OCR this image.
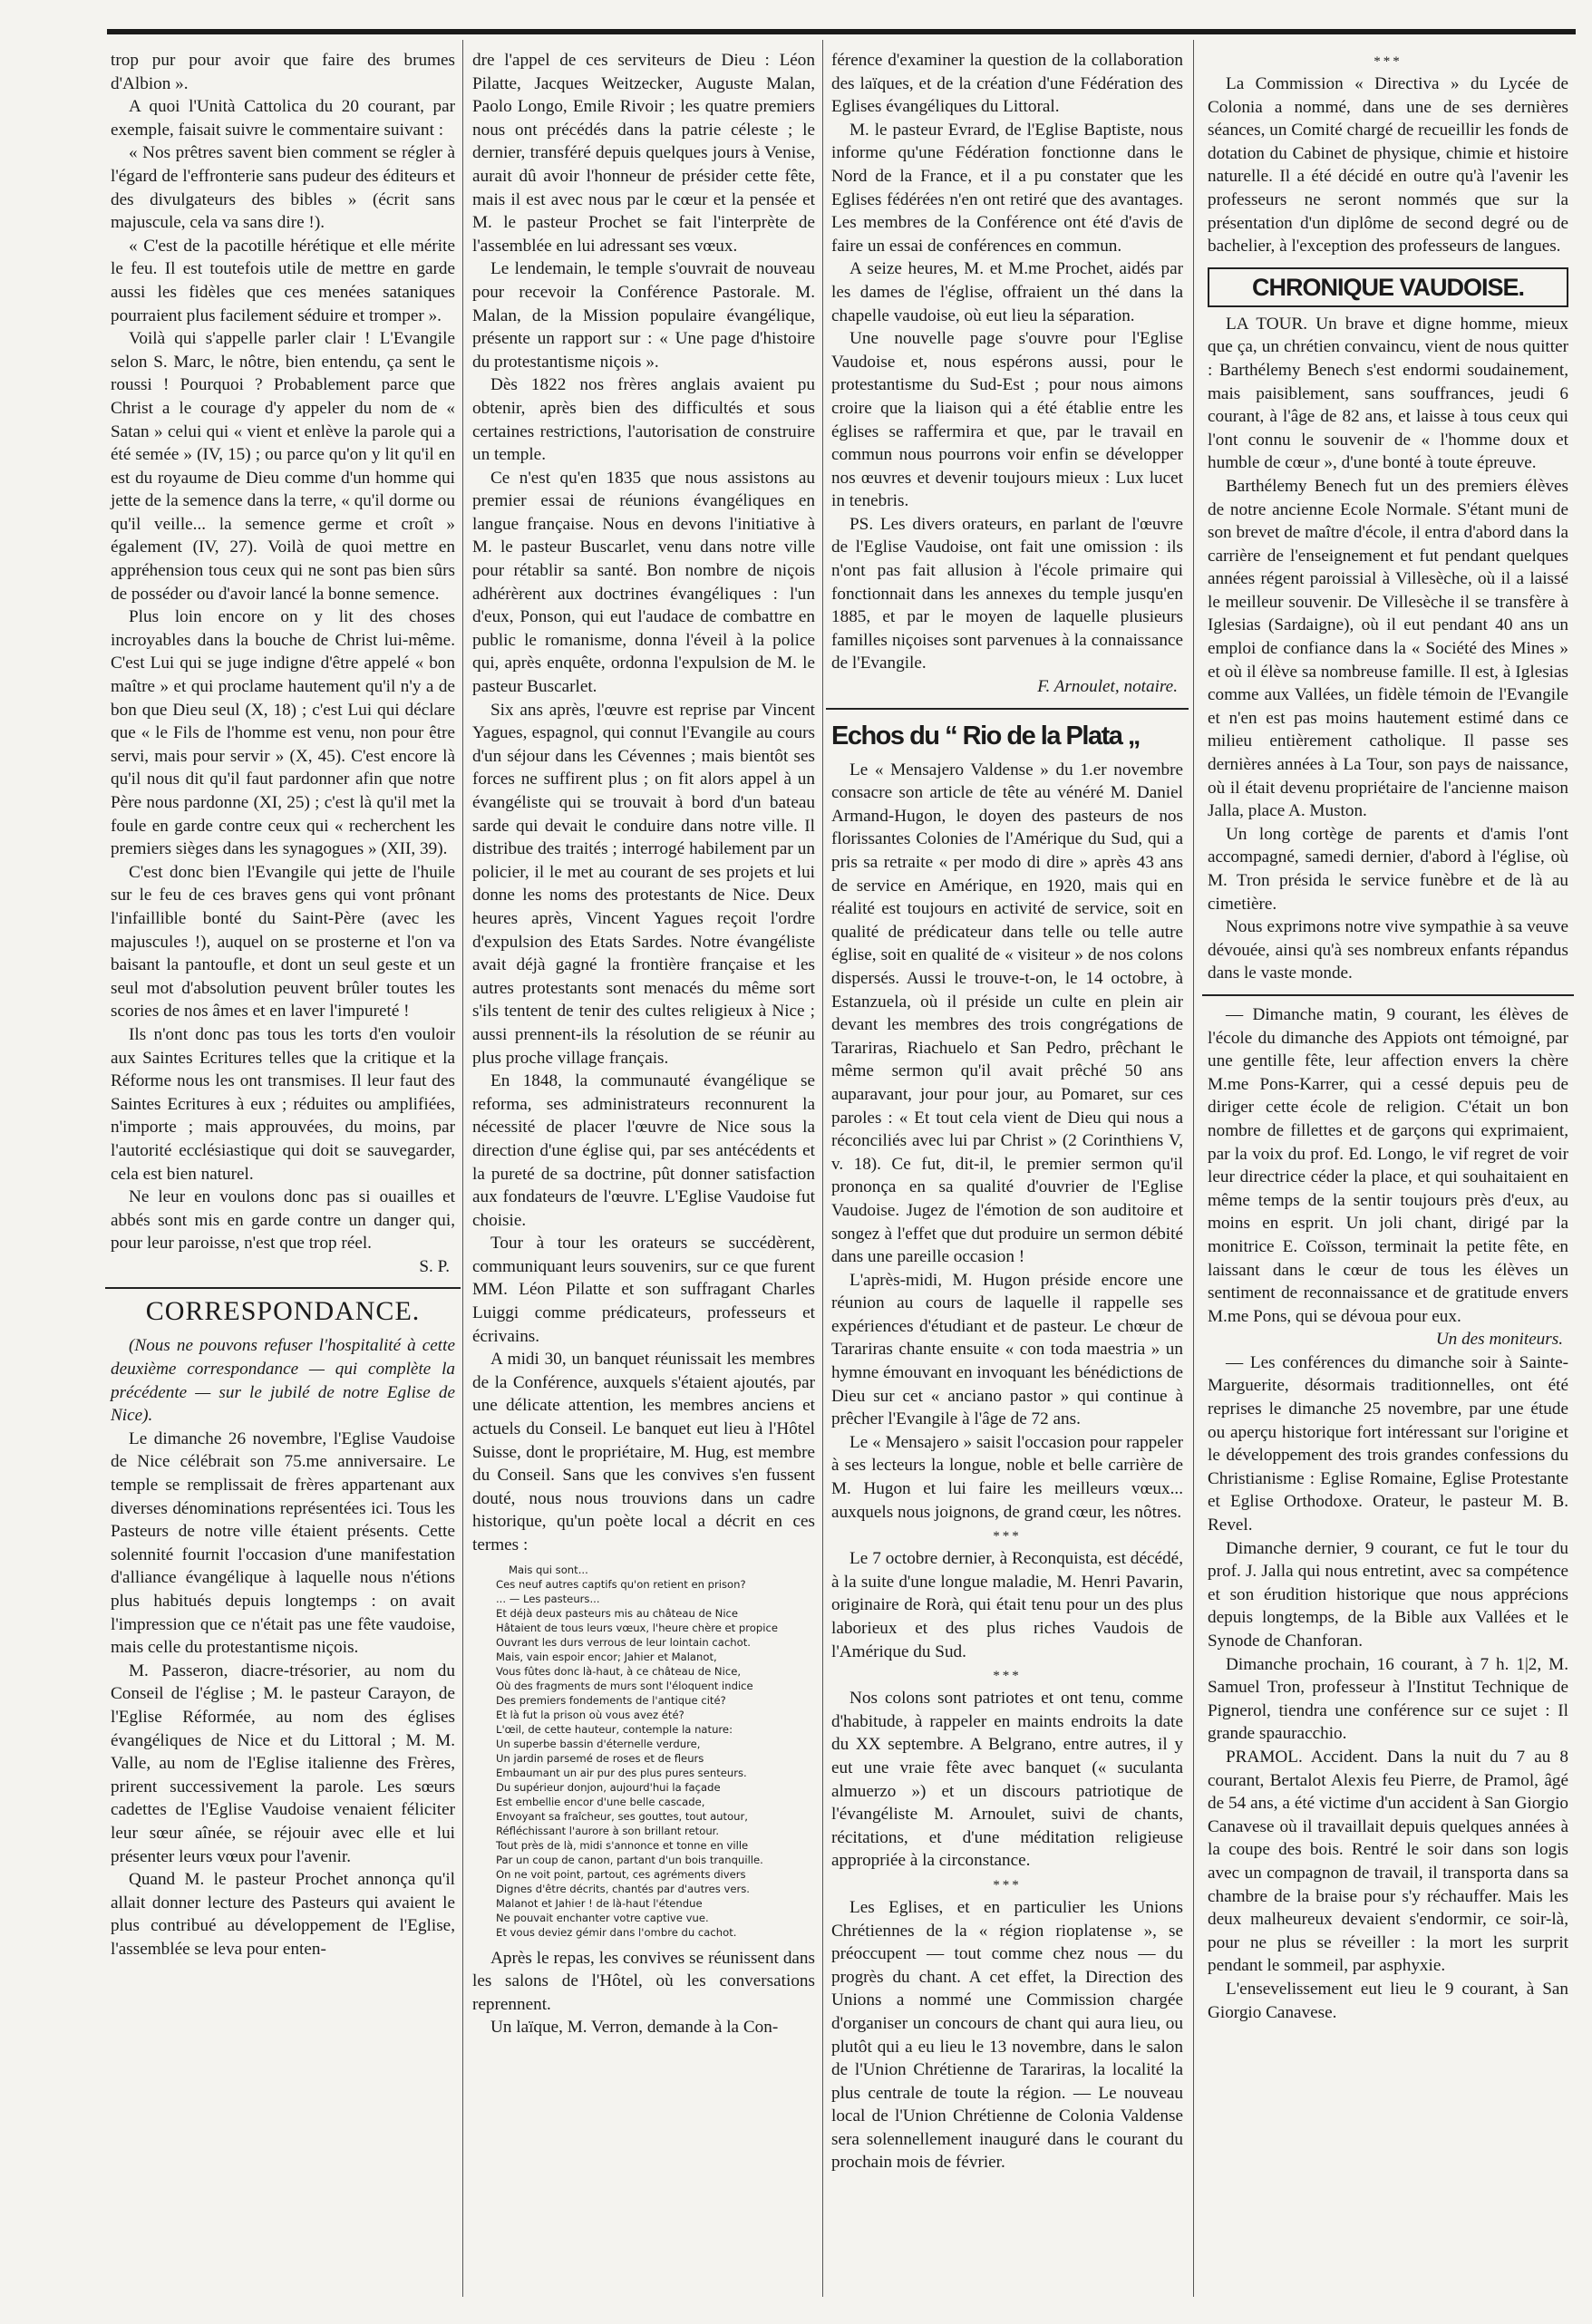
trop pur pour avoir que faire des brumes d'Albion ».

A quoi l'Unità Cattolica du 20 courant, par exemple, faisait suivre le commentaire suivant :

« Nos prêtres savent bien comment se régler à l'égard de l'effronterie sans pudeur des éditeurs et des divulgateurs des bibles » (écrit sans majuscule, cela va sans dire !).

« C'est de la pacotille hérétique et elle mérite le feu. Il est toutefois utile de mettre en garde aussi les fidèles que ces menées sataniques pourraient plus facilement séduire et tromper ».

Voilà qui s'appelle parler clair ! L'Evangile selon S. Marc, le nôtre, bien entendu, ça sent le roussi ! Pourquoi ? Probablement parce que Christ a le courage d'y appeler du nom de « Satan » celui qui « vient et enlève la parole qui a été semée » (IV, 15) ; ou parce qu'on y lit qu'il en est du royaume de Dieu comme d'un homme qui jette de la semence dans la terre, « qu'il dorme ou qu'il veille... la semence germe et croît » également (IV, 27). Voilà de quoi mettre en appréhension tous ceux qui ne sont pas bien sûrs de posséder ou d'avoir lancé la bonne semence.

Plus loin encore on y lit des choses incroyables dans la bouche de Christ lui-même. C'est Lui qui se juge indigne d'être appelé « bon maître » et qui proclame hautement qu'il n'y a de bon que Dieu seul (X, 18) ; c'est Lui qui déclare que « le Fils de l'homme est venu, non pour être servi, mais pour servir » (X, 45). C'est encore là qu'il nous dit qu'il faut pardonner afin que notre Père nous pardonne (XI, 25) ; c'est là qu'il met la foule en garde contre ceux qui « recherchent les premiers sièges dans les synagogues » (XII, 39).

C'est donc bien l'Evangile qui jette de l'huile sur le feu de ces braves gens qui vont prônant l'infaillible bonté du Saint-Père (avec les majuscules !), auquel on se prosterne et l'on va baisant la pantoufle, et dont un seul geste et un seul mot d'absolution peuvent brûler toutes les scories de nos âmes et en laver l'impureté !

Ils n'ont donc pas tous les torts d'en vouloir aux Saintes Ecritures telles que la critique et la Réforme nous les ont transmises. Il leur faut des Saintes Ecritures à eux ; réduites ou amplifiées, n'importe ; mais approuvées, du moins, par l'autorité ecclésiastique qui doit se sauvegarder, cela est bien naturel.

Ne leur en voulons donc pas si ouailles et abbés sont mis en garde contre un danger qui, pour leur paroisse, n'est que trop réel.

S. P.
CORRESPONDANCE.

(Nous ne pouvons refuser l'hospitalité à cette deuxième correspondance — qui complète la précédente — sur le jubilé de notre Eglise de Nice).

Le dimanche 26 novembre, l'Eglise Vaudoise de Nice célébrait son 75.me anniversaire. Le temple se remplissait de frères appartenant aux diverses dénominations représentées ici. Tous les Pasteurs de notre ville étaient présents. Cette solennité fournit l'occasion d'une manifestation d'alliance évangélique à laquelle nous n'étions plus habitués depuis longtemps : on avait l'impression que ce n'était pas une fête vaudoise, mais celle du protestantisme niçois.

M. Passeron, diacre-trésorier, au nom du Conseil de l'église ; M. le pasteur Carayon, de l'Eglise Réformée, au nom des églises évangéliques de Nice et du Littoral ; M. M. Valle, au nom de l'Eglise italienne des Frères, prirent successivement la parole. Les sœurs cadettes de l'Eglise Vaudoise venaient féliciter leur sœur aînée, se réjouir avec elle et lui présenter leurs vœux pour l'avenir.

Quand M. le pasteur Prochet annonça qu'il allait donner lecture des Pasteurs qui avaient le plus contribué au développement de l'Eglise, l'assemblée se leva pour enten-

dre l'appel de ces serviteurs de Dieu : Léon Pilatte, Jacques Weitzecker, Auguste Malan, Paolo Longo, Emile Rivoir ; les quatre premiers nous ont précédés dans la patrie céleste ; le dernier, transféré depuis quelques jours à Venise, aurait dû avoir l'honneur de présider cette fête, mais il est avec nous par le cœur et la pensée et M. le pasteur Prochet se fait l'interprète de l'assemblée en lui adressant ses vœux.

Le lendemain, le temple s'ouvrait de nouveau pour recevoir la Conférence Pastorale. M. Malan, de la Mission populaire évangélique, présente un rapport sur : « Une page d'histoire du protestantisme niçois ».

Dès 1822 nos frères anglais avaient pu obtenir, après bien des difficultés et sous certaines restrictions, l'autorisation de construire un temple.

Ce n'est qu'en 1835 que nous assistons au premier essai de réunions évangéliques en langue française. Nous en devons l'initiative à M. le pasteur Buscarlet, venu dans notre ville pour rétablir sa santé. Bon nombre de niçois adhérèrent aux doctrines évangéliques : l'un d'eux, Ponson, qui eut l'audace de combattre en public le romanisme, donna l'éveil à la police qui, après enquête, ordonna l'expulsion de M. le pasteur Buscarlet.

Six ans après, l'œuvre est reprise par Vincent Yagues, espagnol, qui connut l'Evangile au cours d'un séjour dans les Cévennes ; mais bientôt ses forces ne suffirent plus ; on fit alors appel à un évangéliste qui se trouvait à bord d'un bateau sarde qui devait le conduire dans notre ville. Il distribue des traités ; interrogé habilement par un policier, il le met au courant de ses projets et lui donne les noms des protestants de Nice. Deux heures après, Vincent Yagues reçoit l'ordre d'expulsion des Etats Sardes. Notre évangéliste avait déjà gagné la frontière française et les autres protestants sont menacés du même sort s'ils tentent de tenir des cultes religieux à Nice ; aussi prennent-ils la résolution de se réunir au plus proche village français.

En 1848, la communauté évangélique se reforma, ses administrateurs reconnurent la nécessité de placer l'œuvre de Nice sous la direction d'une église qui, par ses antécédents et la pureté de sa doctrine, pût donner satisfaction aux fondateurs de l'œuvre. L'Eglise Vaudoise fut choisie.

Tour à tour les orateurs se succédèrent, communiquant leurs souvenirs, sur ce que furent MM. Léon Pilatte et son suffragant Charles Luiggi comme prédicateurs, professeurs et écrivains.

A midi 30, un banquet réunissait les membres de la Conférence, auxquels s'étaient ajoutés, par une délicate attention, les membres anciens et actuels du Conseil. Le banquet eut lieu à l'Hôtel Suisse, dont le propriétaire, M. Hug, est membre du Conseil. Sans que les convives s'en fussent douté, nous nous trouvions dans un cadre historique, qu'un poète local a décrit en ces termes :

Mais qui sont...
Ces neuf autres captifs qu'on retient en prison?
... — Les pasteurs...
Et déjà deux pasteurs mis au château de Nice
Hâtaient de tous leurs vœux, l'heure chère et propice
Ouvrant les durs verrous de leur lointain cachot.
Mais, vain espoir encor; Jahier et Malanot,
Vous fûtes donc là-haut, à ce château de Nice,
Où des fragments de murs sont l'éloquent indice
Des premiers fondements de l'antique cité?
Et là fut la prison où vous avez été?
L'œil, de cette hauteur, contemple la nature:
Un superbe bassin d'éternelle verdure,
Un jardin parsemé de roses et de fleurs
Embaumant un air pur des plus pures senteurs.
Du supérieur donjon, aujourd'hui la façade
Est embellie encor d'une belle cascade,
Envoyant sa fraîcheur, ses gouttes, tout autour,
Réfléchissant l'aurore à son brillant retour.
Tout près de là, midi s'annonce et tonne en ville
Par un coup de canon, partant d'un bois tranquille.
On ne voit point, partout, ces agréments divers
Dignes d'être décrits, chantés par d'autres vers.
Malanot et Jahier ! de là-haut l'étendue
Ne pouvait enchanter votre captive vue.
Et vous deviez gémir dans l'ombre du cachot.

Après le repas, les convives se réunissent dans les salons de l'Hôtel, où les conversations reprennent.

Un laïque, M. Verron, demande à la Con-

férence d'examiner la question de la collaboration des laïques, et de la création d'une Fédération des Eglises évangéliques du Littoral.

M. le pasteur Evrard, de l'Eglise Baptiste, nous informe qu'une Fédération fonctionne dans le Nord de la France, et il a pu constater que les Eglises fédérées n'en ont retiré que des avantages. Les membres de la Conférence ont été d'avis de faire un essai de conférences en commun.

A seize heures, M. et M.me Prochet, aidés par les dames de l'église, offraient un thé dans la chapelle vaudoise, où eut lieu la séparation.

Une nouvelle page s'ouvre pour l'Eglise Vaudoise et, nous espérons aussi, pour le protestantisme du Sud-Est ; pour nous aimons croire que la liaison qui a été établie entre les églises se raffermira et que, par le travail en commun nous pourrons voir enfin se développer nos œuvres et devenir toujours mieux : Lux lucet in tenebris.

PS. Les divers orateurs, en parlant de l'œuvre de l'Eglise Vaudoise, ont fait une omission : ils n'ont pas fait allusion à l'école primaire qui fonctionnait dans les annexes du temple jusqu'en 1885, et par le moyen de laquelle plusieurs familles niçoises sont parvenues à la connaissance de l'Evangile.

F. Arnoulet, notaire.
Echos du “ Rio de la Plata „

Le « Mensajero Valdense » du 1.er novembre consacre son article de tête au vénéré M. Daniel Armand-Hugon, le doyen des pasteurs de nos florissantes Colonies de l'Amérique du Sud, qui a pris sa retraite « per modo di dire » après 43 ans de service en Amérique, en 1920, mais qui en réalité est toujours en activité de service, soit en qualité de prédicateur dans telle ou telle autre église, soit en qualité de « visiteur » de nos colons dispersés. Aussi le trouve-t-on, le 14 octobre, à Estanzuela, où il préside un culte en plein air devant les membres des trois congrégations de Tarariras, Riachuelo et San Pedro, prêchant le même sermon qu'il avait prêché 50 ans auparavant, jour pour jour, au Pomaret, sur ces paroles : « Et tout cela vient de Dieu qui nous a réconciliés avec lui par Christ » (2 Corinthiens V, v. 18). Ce fut, dit-il, le premier sermon qu'il prononça en sa qualité d'ouvrier de l'Eglise Vaudoise. Jugez de l'émotion de son auditoire et songez à l'effet que dut produire un sermon débité dans une pareille occasion !

L'après-midi, M. Hugon préside encore une réunion au cours de laquelle il rappelle ses expériences d'étudiant et de pasteur. Le chœur de Tarariras chante ensuite « con toda maestria » un hymne émouvant en invoquant les bénédictions de Dieu sur cet « anciano pastor » qui continue à prêcher l'Evangile à l'âge de 72 ans.

Le « Mensajero » saisit l'occasion pour rappeler à ses lecteurs la longue, noble et belle carrière de M. Hugon et lui faire les meilleurs vœux... auxquels nous joignons, de grand cœur, les nôtres.

***

Le 7 octobre dernier, à Reconquista, est décédé, à la suite d'une longue maladie, M. Henri Pavarin, originaire de Rorà, qui était tenu pour un des plus laborieux et des plus riches Vaudois de l'Amérique du Sud.

***

Nos colons sont patriotes et ont tenu, comme d'habitude, à rappeler en maints endroits la date du XX septembre. A Belgrano, entre autres, il y eut une vraie fête avec banquet (« suculanta almuerzo ») et un discours patriotique de l'évangéliste M. Arnoulet, suivi de chants, récitations, et d'une méditation religieuse appropriée à la circonstance.

***

Les Eglises, et en particulier les Unions Chrétiennes de la « région rioplatense », se préoccupent — tout comme chez nous — du progrès du chant. A cet effet, la Direction des Unions a nommé une Commission chargée d'organiser un concours de chant qui aura lieu, ou plutôt qui a eu lieu le 13 novembre, dans le salon de l'Union Chrétienne de Tarariras, la localité la plus centrale de toute la région. — Le nouveau local de l'Union Chrétienne de Colonia Valdense sera solennellement inauguré dans le courant du prochain mois de février.

***

La Commission « Directiva » du Lycée de Colonia a nommé, dans une de ses dernières séances, un Comité chargé de recueillir les fonds de dotation du Cabinet de physique, chimie et histoire naturelle. Il a été décidé en outre qu'à l'avenir les professeurs ne seront nommés que sur la présentation d'un diplôme de second degré ou de bachelier, à l'exception des professeurs de langues.

CHRONIQUE VAUDOISE.

LA TOUR. Un brave et digne homme, mieux que ça, un chrétien convaincu, vient de nous quitter : Barthélemy Benech s'est endormi soudainement, mais paisiblement, sans souffrances, jeudi 6 courant, à l'âge de 82 ans, et laisse à tous ceux qui l'ont connu le souvenir de « l'homme doux et humble de cœur », d'une bonté à toute épreuve.

Barthélemy Benech fut un des premiers élèves de notre ancienne Ecole Normale. S'étant muni de son brevet de maître d'école, il entra d'abord dans la carrière de l'enseignement et fut pendant quelques années régent paroissial à Villesèche, où il a laissé le meilleur souvenir. De Villesèche il se transfère à Iglesias (Sardaigne), où il eut pendant 40 ans un emploi de confiance dans la « Société des Mines » et où il élève sa nombreuse famille. Il est, à Iglesias comme aux Vallées, un fidèle témoin de l'Evangile et n'en est pas moins hautement estimé dans ce milieu entièrement catholique. Il passe ses dernières années à La Tour, son pays de naissance, où il était devenu propriétaire de l'ancienne maison Jalla, place A. Muston.

Un long cortège de parents et d'amis l'ont accompagné, samedi dernier, d'abord à l'église, où M. Tron présida le service funèbre et de là au cimetière.

Nous exprimons notre vive sympathie à sa veuve dévouée, ainsi qu'à ses nombreux enfants répandus dans le vaste monde.

— Dimanche matin, 9 courant, les élèves de l'école du dimanche des Appiots ont témoigné, par une gentille fête, leur affection envers la chère M.me Pons-Karrer, qui a cessé depuis peu de diriger cette école de religion. C'était un bon nombre de fillettes et de garçons qui exprimaient, par la voix du prof. Ed. Longo, le vif regret de voir leur directrice céder la place, et qui souhaitaient en même temps de la sentir toujours près d'eux, au moins en esprit. Un joli chant, dirigé par la monitrice E. Coïsson, terminait la petite fête, en laissant dans le cœur de tous les élèves un sentiment de reconnaissance et de gratitude envers M.me Pons, qui se dévoua pour eux.

Un des moniteurs.

— Les conférences du dimanche soir à Sainte-Marguerite, désormais traditionnelles, ont été reprises le dimanche 25 novembre, par une étude ou aperçu historique fort intéressant sur l'origine et le développement des trois grandes confessions du Christianisme : Eglise Romaine, Eglise Protestante et Eglise Orthodoxe. Orateur, le pasteur M. B. Revel.

Dimanche dernier, 9 courant, ce fut le tour du prof. J. Jalla qui nous entretint, avec sa compétence et son érudition historique que nous apprécions depuis longtemps, de la Bible aux Vallées et le Synode de Chanforan.

Dimanche prochain, 16 courant, à 7 h. 1|2, M. Samuel Tron, professeur à l'Institut Technique de Pignerol, tiendra une conférence sur ce sujet : Il grande spauracchio.

PRAMOL. Accident. Dans la nuit du 7 au 8 courant, Bertalot Alexis feu Pierre, de Pramol, âgé de 54 ans, a été victime d'un accident à San Giorgio Canavese où il travaillait depuis quelques années à la coupe des bois. Rentré le soir dans son logis avec un compagnon de travail, il transporta dans sa chambre de la braise pour s'y réchauffer. Mais les deux malheureux devaient s'endormir, ce soir-là, pour ne plus se réveiller : la mort les surprit pendant le sommeil, par asphyxie.

L'ensevelissement eut lieu le 9 courant, à San Giorgio Canavese.
